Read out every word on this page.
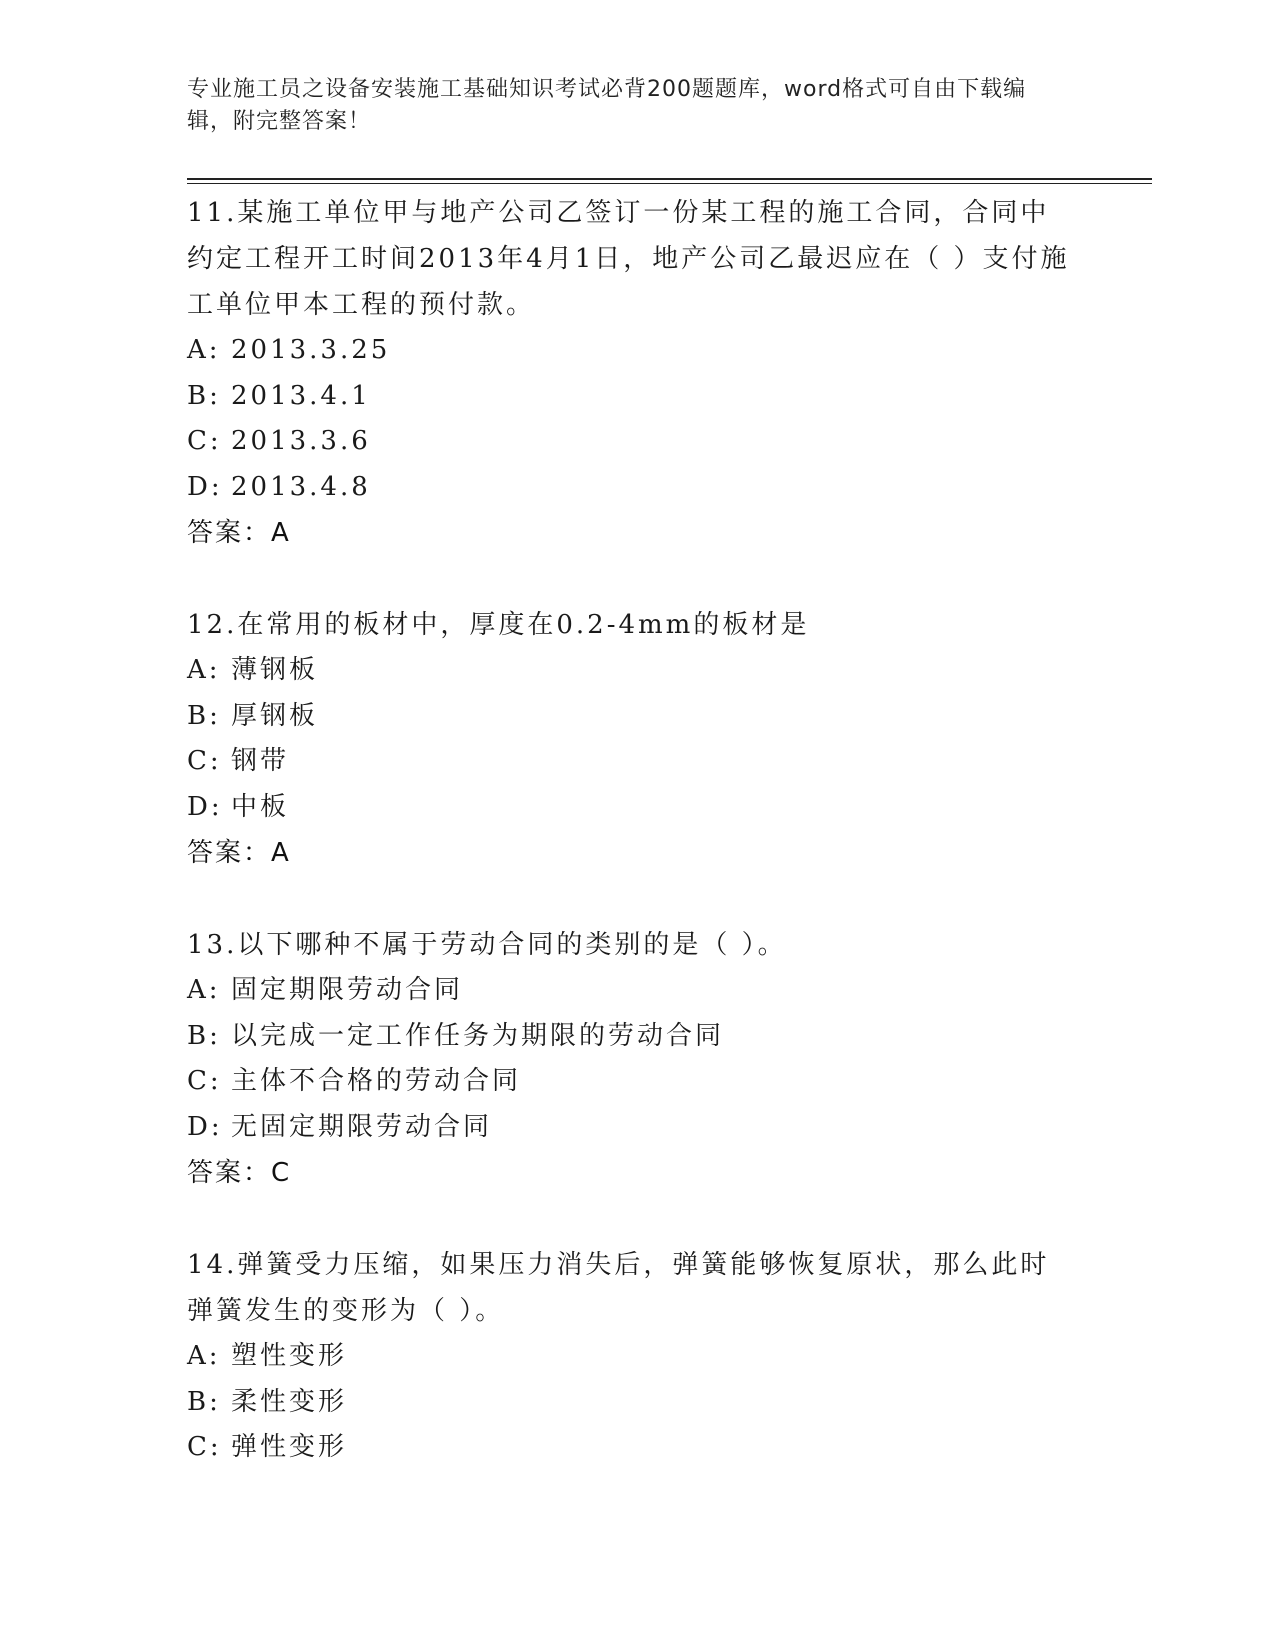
专业施工员之设备安装施工基础知识考试必背200题题库，word格式可自由下载编辑，附完整答案！
11.某施工单位甲与地产公司乙签订一份某工程的施工合同，合同中约定工程开工时间2013年4月1日，地产公司乙最迟应在（ ）支付施工单位甲本工程的预付款。
A: 2013.3.25
B: 2013.4.1
C: 2013.3.6
D: 2013.4.8
答案：A
12.在常用的板材中，厚度在0.2-4mm的板材是
A: 薄钢板
B: 厚钢板
C: 钢带
D: 中板
答案：A
13.以下哪种不属于劳动合同的类别的是（ ）。
A: 固定期限劳动合同
B: 以完成一定工作任务为期限的劳动合同
C: 主体不合格的劳动合同
D: 无固定期限劳动合同
答案：C
14.弹簧受力压缩，如果压力消失后，弹簧能够恢复原状，那么此时弹簧发生的变形为（ ）。
A: 塑性变形
B: 柔性变形
C: 弹性变形
